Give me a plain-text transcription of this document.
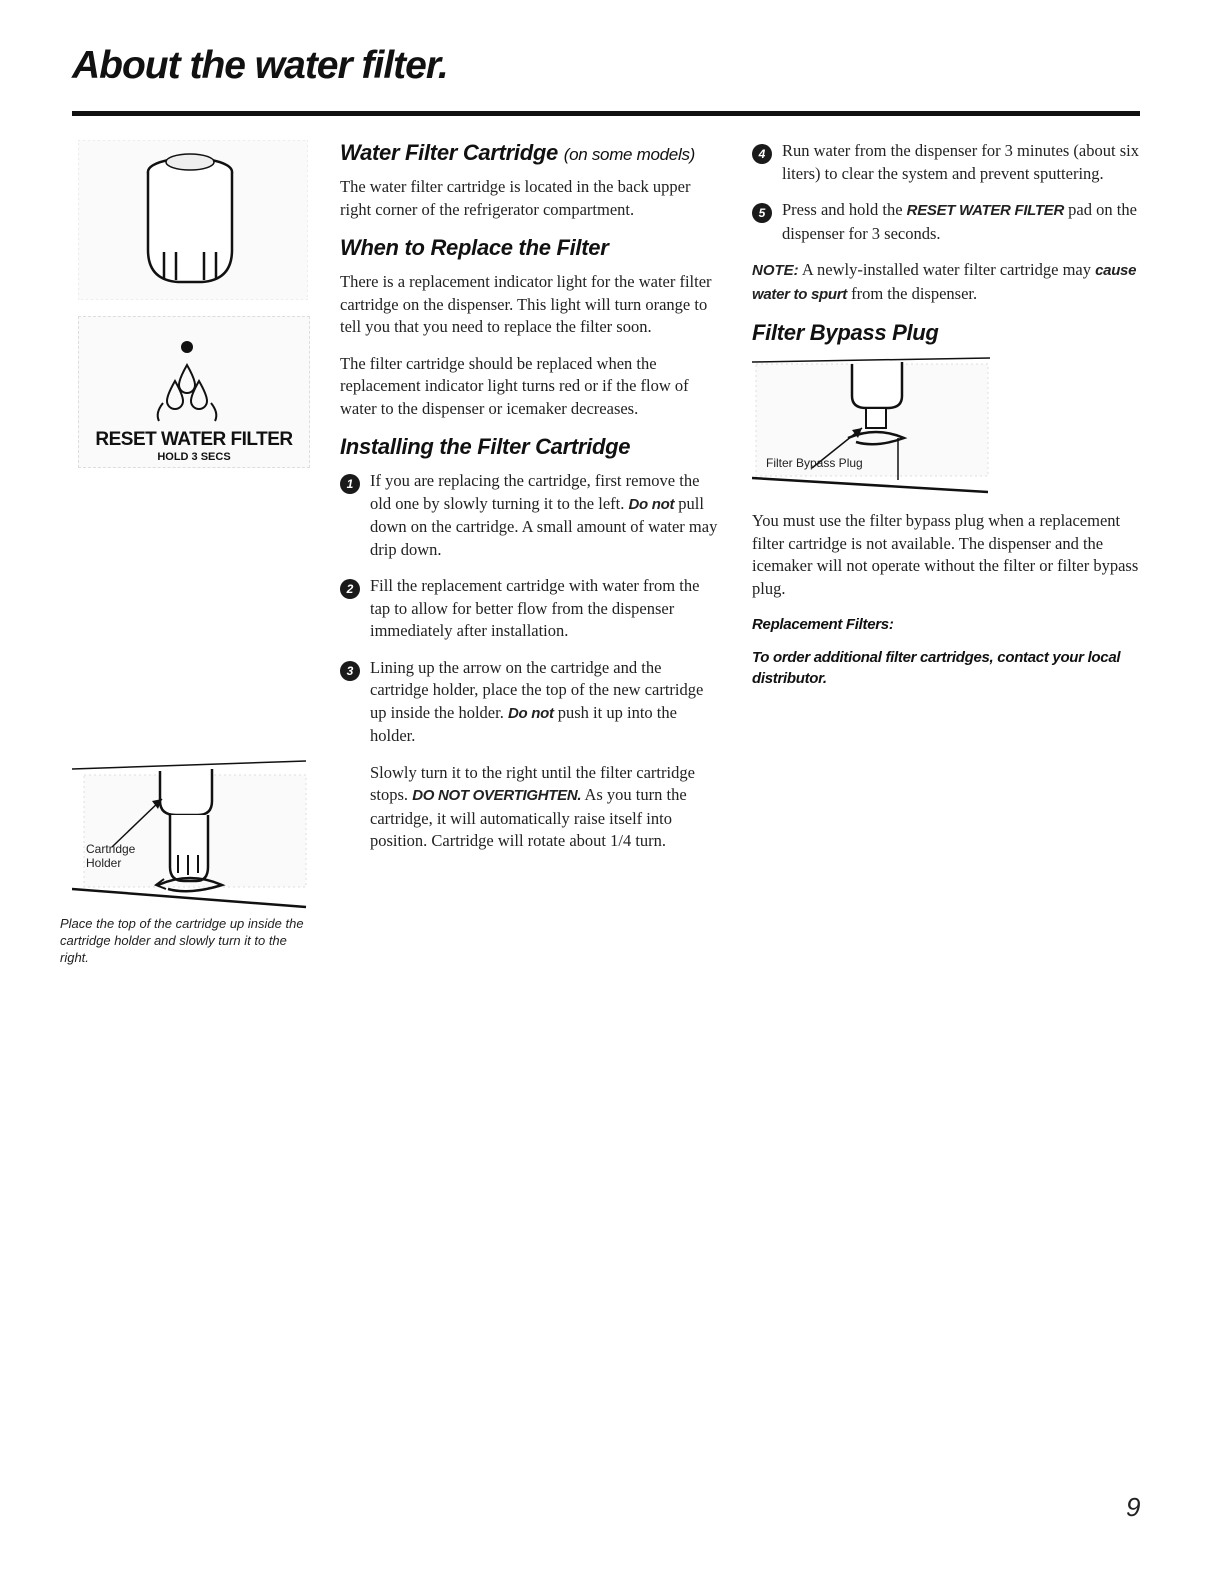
About the water filter.
RESET WATER FILTER
HOLD 3 SECS
Cartridge
Holder
Place the top of the cartridge up inside the cartridge holder and slowly turn it to the right.
Water Filter Cartridge (on some models)

The water filter cartridge is located in the back upper right corner of the refrigerator compartment.

When to Replace the Filter

There is a replacement indicator light for the water filter cartridge on the dispenser. This light will turn orange to tell you that you need to replace the filter soon.

The filter cartridge should be replaced when the replacement indicator light turns red or if the flow of water to the dispenser or icemaker decreases.

Installing the Filter Cartridge
1	If you are replacing the cartridge, first remove the old one by slowly turning it to the left. Do not pull down on the cartridge. A small amount of water may drip down.

2	Fill the replacement cartridge with water from the tap to allow for better flow from the dispenser immediately after installation.

3	Lining up the arrow on the cartridge and the cartridge holder, place the top of the new cartridge up inside the holder. Do not push it up into the holder.

Slowly turn it to the right until the filter cartridge stops. DO NOT OVERTIGHTEN. As you turn the cartridge, it will automatically raise itself into position. Cartridge will rotate about 1/4 turn.

4	Run water from the dispenser for 3 minutes (about six liters) to clear the system and prevent sputtering.

5	Press and hold the RESET WATER FILTER pad on the dispenser for 3 seconds.

NOTE: A newly-installed water filter cartridge may cause water to spurt from the dispenser.

Filter Bypass Plug
Filter Bypass Plug

You must use the filter bypass plug when a replacement filter cartridge is not available. The dispenser and the icemaker will not operate without the filter or filter bypass plug.

Replacement Filters:

To order additional filter cartridges, contact your local distributor.

9
